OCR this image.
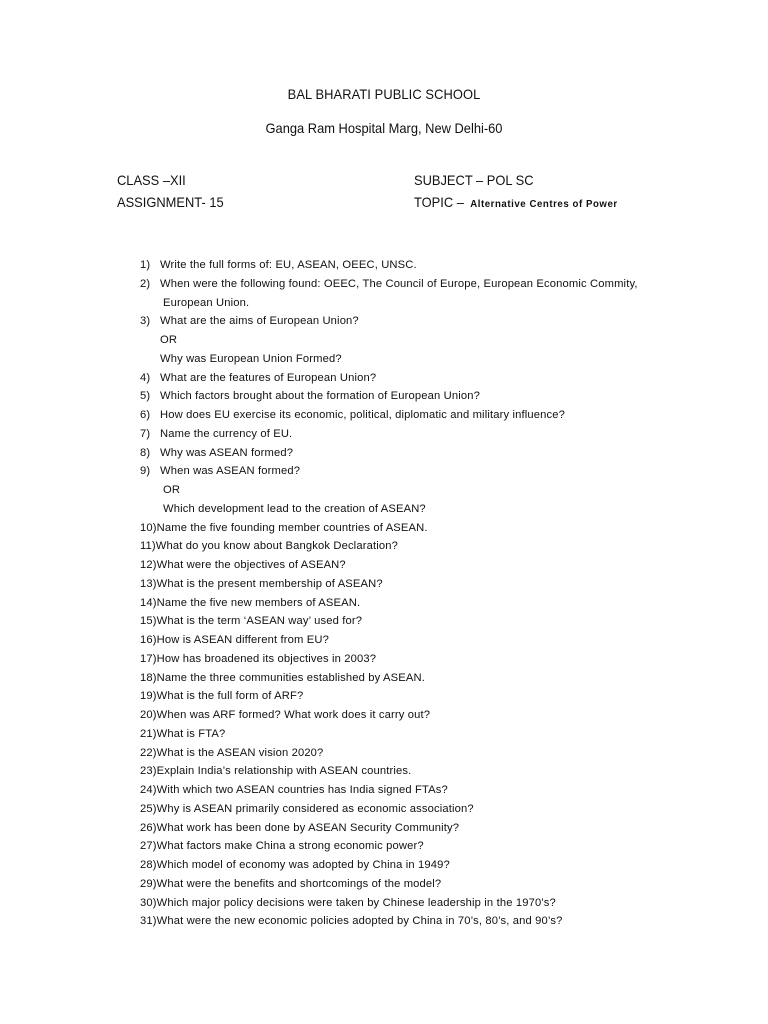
BAL BHARATI PUBLIC SCHOOL
Ganga Ram Hospital Marg, New Delhi-60
CLASS –XII
ASSIGNMENT- 15
SUBJECT – POL SC
TOPIC – Alternative Centres of Power
1) Write the full forms of: EU, ASEAN, OEEC, UNSC.
2) When were the following found: OEEC, The Council of Europe, European Economic Commity,
European Union.
3) What are the aims of European Union?
OR
Why was European Union Formed?
4) What are the features of European Union?
5) Which factors brought about the formation of European Union?
6) How does EU exercise its economic, political, diplomatic and military influence?
7) Name the currency of EU.
8) Why was ASEAN formed?
9) When was ASEAN formed?
OR
Which development lead to the creation of ASEAN?
10) Name the five founding member countries of ASEAN.
11) What do you know about Bangkok Declaration?
12) What were the objectives of ASEAN?
13) What is the present membership of ASEAN?
14) Name the five new members of ASEAN.
15) What is the term ‘ASEAN way’ used for?
16) How is ASEAN different from EU?
17) How has broadened its objectives in 2003?
18) Name the three communities established by ASEAN.
19) What is the full form of ARF?
20) When was ARF formed? What work does it carry out?
21) What is FTA?
22) What is the ASEAN vision 2020?
23) Explain India’s relationship with ASEAN countries.
24) With which two ASEAN countries has India signed FTAs?
25) Why is ASEAN primarily considered as economic association?
26) What work has been done by ASEAN Security Community?
27) What factors make China a strong economic power?
28) Which model of economy was adopted by China in 1949?
29) What were the benefits and shortcomings of the model?
30) Which major policy decisions were taken by Chinese leadership in the 1970’s?
31) What were the new economic policies adopted by China in 70’s, 80’s, and 90’s?
